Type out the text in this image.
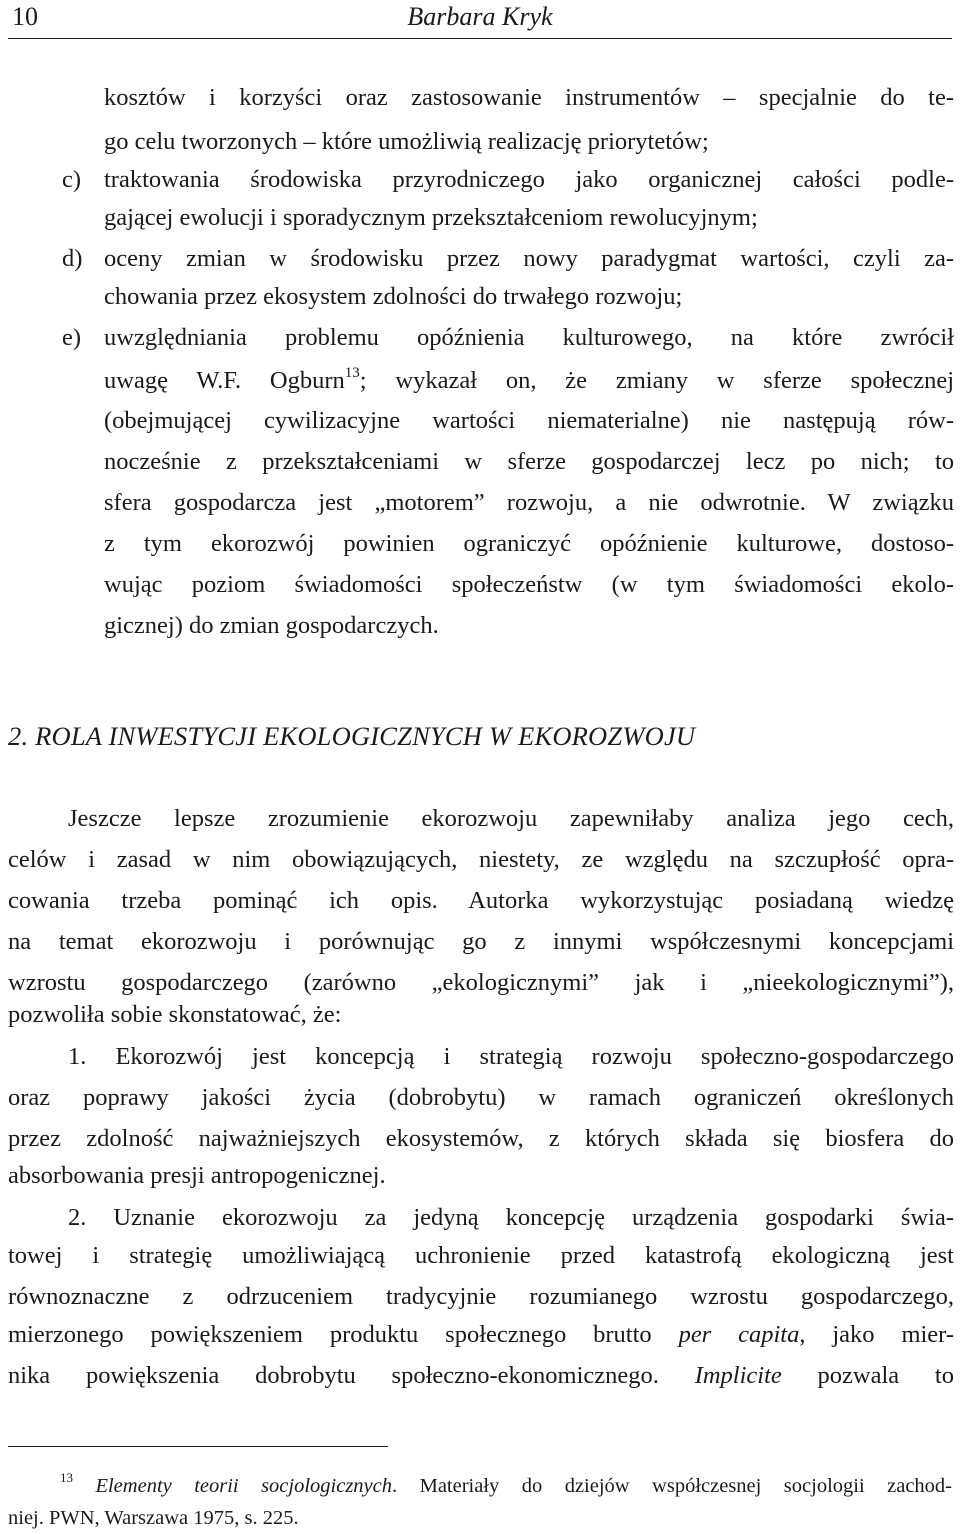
10	Barbara Kryk
kosztów i korzyści oraz zastosowanie instrumentów – specjalnie do te-
go celu tworzonych – które umożliwią realizację priorytetów;
c) traktowania środowiska przyrodniczego jako organicznej całości podle-
gającej ewolucji i sporadycznym przekształceniom rewolucyjnym;
d) oceny zmian w środowisku przez nowy paradygmat wartości, czyli za-
chowania przez ekosystem zdolności do trwałego rozwoju;
e) uwzględniania problemu opóźnienia kulturowego, na które zwrócił
uwagę W.F. Ogburn$^{13}$; wykazał on, że zmiany w sferze społecznej
(obejmującej cywilizacyjne wartości niematerialne) nie następują rów-
nocześnie z przekształceniami w sferze gospodarczej lecz po nich; to
sfera gospodarcza jest „motorem” rozwoju, a nie odwrotnie. W związku
z tym ekorozwój powinien ograniczyć opóźnienie kulturowe, dostoso-
wując poziom świadomości społeczeństw (w tym świadomości ekolo-
gicznej) do zmian gospodarczych.
2. ROLA INWESTYCJI EKOLOGICZNYCH W EKOROZWOJU
Jeszcze lepsze zrozumienie ekorozwoju zapewniłaby analiza jego cech,
celów i zasad w nim obowiązujących, niestety, ze względu na szczupłość opra-
cowania trzeba pominąć ich opis. Autorka wykorzystując posiadaną wiedzę
na temat ekorozwoju i porównując go z innymi współczesnymi koncepcjami
wzrostu gospodarczego (zarówno „ekologicznymi” jak i „nieekologicznymi”),
pozwoliła sobie skonstatować, że:
1. Ekorozwój jest koncepcją i strategią rozwoju społeczno-gospodarczego
oraz poprawy jakości życia (dobrobytu) w ramach ograniczeń określonych
przez zdolność najważniejszych ekosystemów, z których składa się biosfera do
absorbowania presji antropogenicznej.
2. Uznanie ekorozwoju za jedyną koncepcję urządzenia gospodarki świa-
towej i strategię umożliwiającą uchronienie przed katastrofą ekologiczną jest
równoznaczne z odrzuceniem tradycyjnie rozumianego wzrostu gospodarczego,
mierzonego powiększeniem produktu społecznego brutto per capita, jako mier-
nika powiększenia dobrobytu społeczno-ekonomicznego. Implicite pozwala to
$^{13}$ Elementy teorii socjologicznych. Materiały do dziejów współczesnej socjologii zachod-
niej. PWN, Warszawa 1975, s. 225.
